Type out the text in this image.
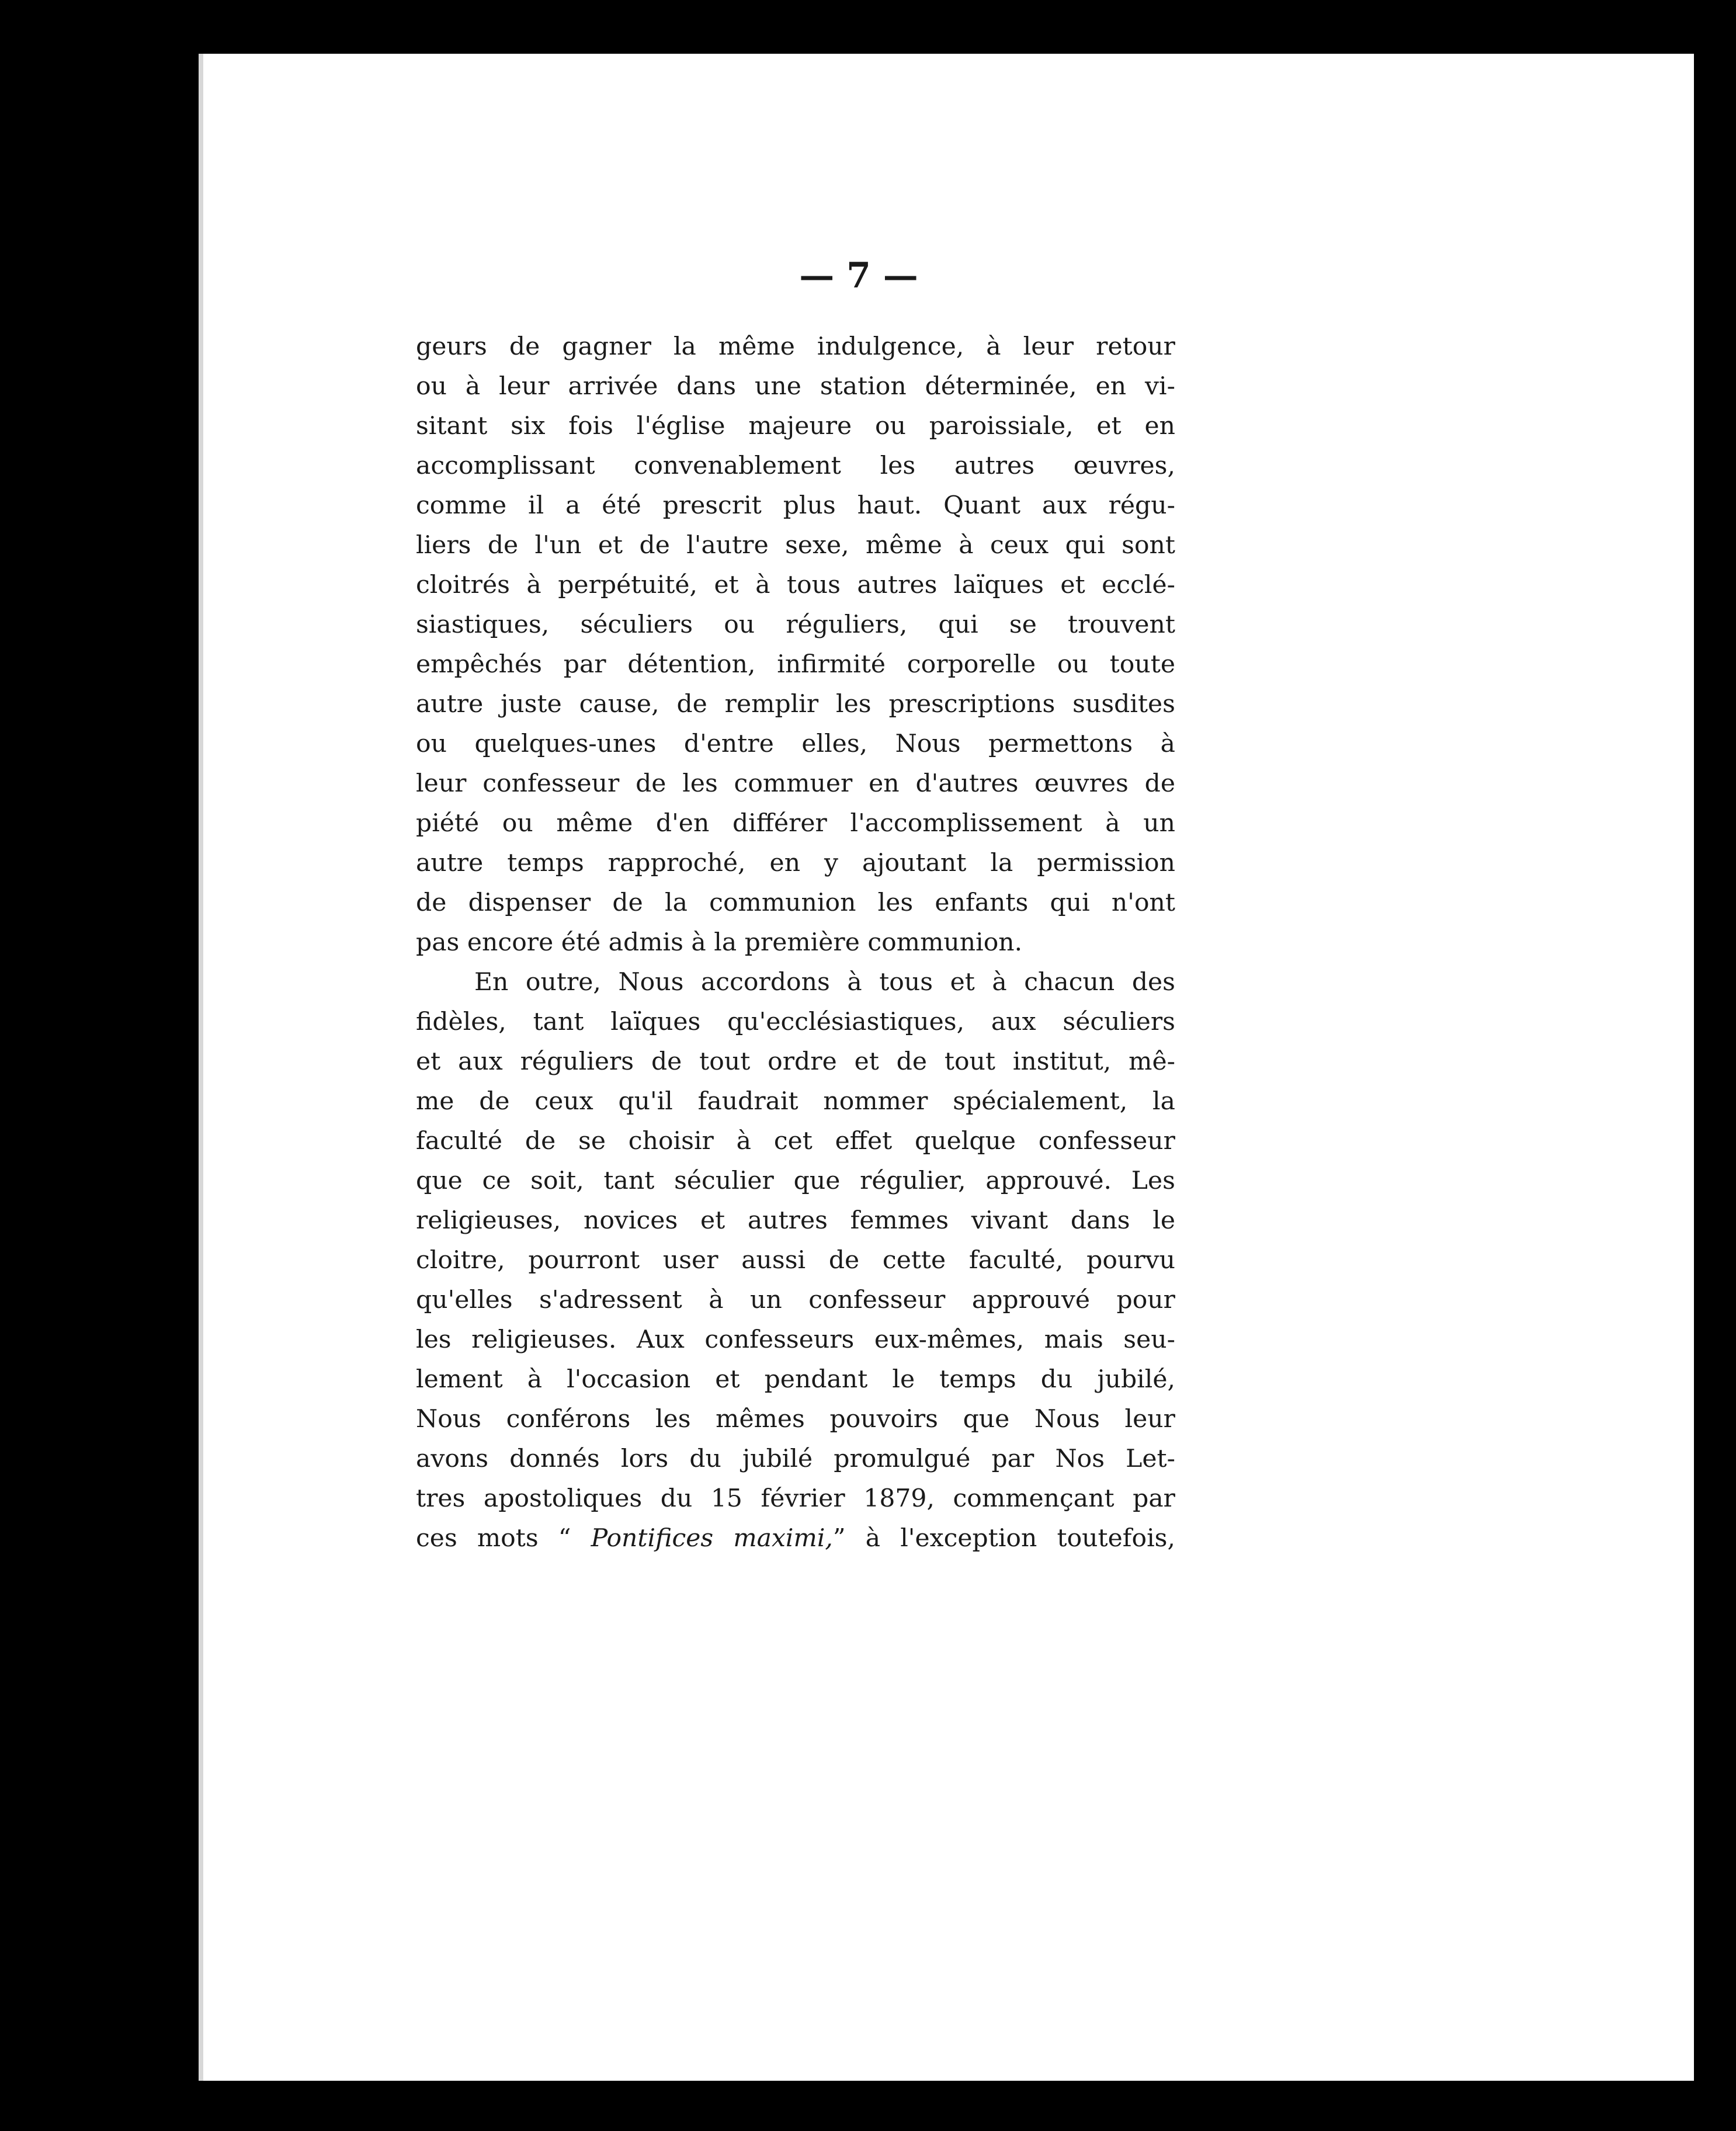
— 7 —
geurs de gagner la même indulgence, à leur retour
ou à leur arrivée dans une station déterminée, en vi-
sitant six fois l'église majeure ou paroissiale, et en
accomplissant convenablement les autres œuvres,
comme il a été prescrit plus haut. Quant aux régu-
liers de l'un et de l'autre sexe, même à ceux qui sont
cloitrés à perpétuité, et à tous autres laïques et ecclé-
siastiques, séculiers ou réguliers, qui se trouvent
empêchés par détention, infirmité corporelle ou toute
autre juste cause, de remplir les prescriptions susdites
ou quelques-unes d'entre elles, Nous permettons à
leur confesseur de les commuer en d'autres œuvres de
piété ou même d'en différer l'accomplissement à un
autre temps rapproché, en y ajoutant la permission
de dispenser de la communion les enfants qui n'ont
pas encore été admis à la première communion.
En outre, Nous accordons à tous et à chacun des
fidèles, tant laïques qu'ecclésiastiques, aux séculiers
et aux réguliers de tout ordre et de tout institut, mê-
me de ceux qu'il faudrait nommer spécialement, la
faculté de se choisir à cet effet quelque confesseur
que ce soit, tant séculier que régulier, approuvé. Les
religieuses, novices et autres femmes vivant dans le
cloitre, pourront user aussi de cette faculté, pourvu
qu'elles s'adressent à un confesseur approuvé pour
les religieuses. Aux confesseurs eux-mêmes, mais seu-
lement à l'occasion et pendant le temps du jubilé,
Nous conférons les mêmes pouvoirs que Nous leur
avons donnés lors du jubilé promulgué par Nos Let-
tres apostoliques du 15 février 1879, commençant par
ces mots “ Pontifices maximi,” à l'exception toutefois,
